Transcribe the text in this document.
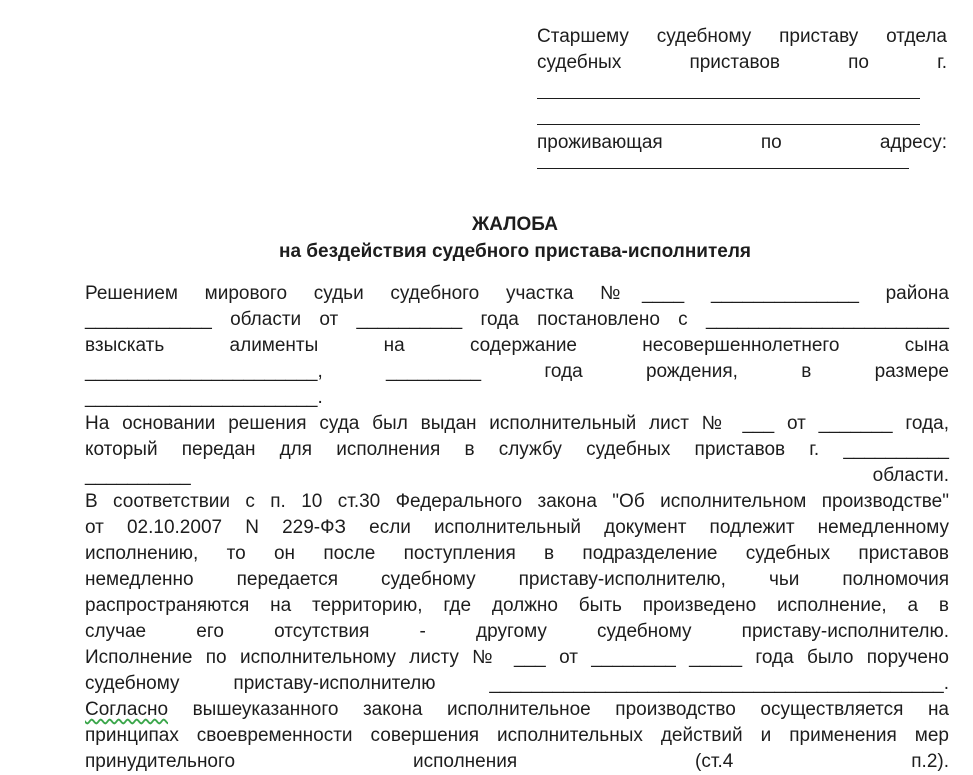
Старшему судебному приставу отдела
судебных приставов по г.
проживающая по адресу:
ЖАЛОБА
на бездействия судебного пристава-исполнителя
Решением мирового судьи судебного участка №____ ______________ района
____________ области от __________ года постановлено с _______________________
взыскать алименты на содержание несовершеннолетнего сына
______________________, _________ года рождения, в размере
______________________.
На основании решения суда был выдан исполнительный лист № ___ от _______ года,
который передан для исполнения в службу судебных приставов г. __________
__________	области.
В соответствии с п. 10 ст.30 Федерального закона "Об исполнительном производстве"
от 02.10.2007 N 229-ФЗ если исполнительный документ подлежит немедленному
исполнению, то он после поступления в подразделение судебных приставов
немедленно передается судебному приставу-исполнителю, чьи полномочия
распространяются на территорию, где должно быть произведено исполнение, а в
случае его отсутствия - другому судебному приставу-исполнителю.
Исполнение по исполнительному листу № ___ от ________ _____ года было поручено
судебному приставу-исполнителю ___________________________________________.
Согласно вышеуказанного закона исполнительное производство осуществляется на
принципах своевременности совершения исполнительных действий и применения мер
принудительного исполнения (ст.4 п.2).
